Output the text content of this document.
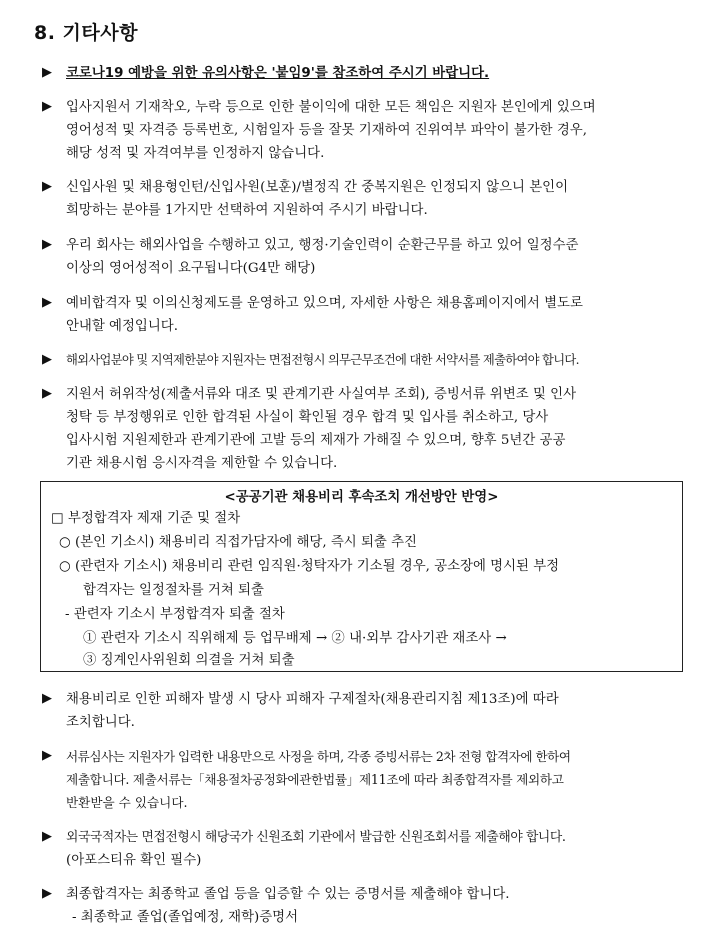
8. 기타사항
▶	코로나19 예방을 위한 유의사항은 '붙임9'를 참조하여 주시기 바랍니다.
▶	입사지원서 기재착오, 누락 등으로 인한 불이익에 대한 모든 책임은 지원자 본인에게 있으며
영어성적 및 자격증 등록번호, 시험일자 등을 잘못 기재하여 진위여부 파악이 불가한 경우,
해당 성적 및 자격여부를 인정하지 않습니다.
▶	신입사원 및 채용형인턴/신입사원(보훈)/별정직 간 중복지원은 인정되지 않으니 본인이
희망하는 분야를 1가지만 선택하여 지원하여 주시기 바랍니다.
▶	우리 회사는 해외사업을 수행하고 있고, 행정·기술인력이 순환근무를 하고 있어 일정수준
이상의 영어성적이 요구됩니다(G4만 해당)
▶	예비합격자 및 이의신청제도를 운영하고 있으며, 자세한 사항은 채용홈페이지에서 별도로
안내할 예정입니다.
▶	해외사업분야 및 지역제한분야 지원자는 면접전형시 의무근무조건에 대한 서약서를 제출하여야 합니다.
▶	지원서 허위작성(제출서류와 대조 및 관계기관 사실여부 조회), 증빙서류 위변조 및 인사
청탁 등 부정행위로 인한 합격된 사실이 확인될 경우 합격 및 입사를 취소하고, 당사
입사시험 지원제한과 관계기관에 고발 등의 제재가 가해질 수 있으며, 향후 5년간 공공
기관 채용시험 응시자격을 제한할 수 있습니다.
<공공기관 채용비리 후속조치 개선방안 반영>
□ 부정합격자 제재 기준 및 절차
○ (본인 기소시) 채용비리 직접가담자에 해당, 즉시 퇴출 추진
○ (관련자 기소시) 채용비리 관련 임직원·청탁자가 기소될 경우, 공소장에 명시된 부정
합격자는 일정절차를 거쳐 퇴출
- 관련자 기소시 부정합격자 퇴출 절차
① 관련자 기소시 직위해제 등 업무배제 → ② 내·외부 감사기관 재조사 →
③ 징계인사위원회 의결을 거쳐 퇴출
▶	채용비리로 인한 피해자 발생 시 당사 피해자 구제절차(채용관리지침 제13조)에 따라
조치합니다.
▶	서류심사는 지원자가 입력한 내용만으로 사정을 하며, 각종 증빙서류는 2차 전형 합격자에 한하여
제출합니다. 제출서류는「채용절차공정화에관한법률」제11조에 따라 최종합격자를 제외하고
반환받을 수 있습니다.
▶	외국국적자는 면접전형시 해당국가 신원조회 기관에서 발급한 신원조회서를 제출해야 합니다.
(아포스티유 확인 필수)
▶	최종합격자는 최종학교 졸업 등을 입증할 수 있는 증명서를 제출해야 합니다.
- 최종학교 졸업(졸업예정, 재학)증명서
